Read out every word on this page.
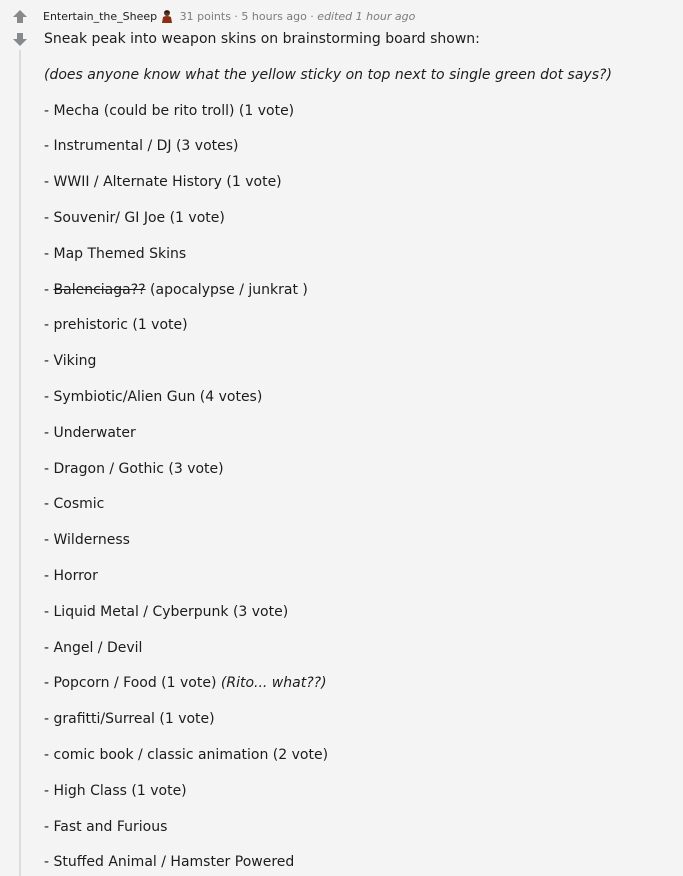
Entertain_the_Sheep 31 points · 5 hours ago · edited 1 hour ago
Sneak peak into weapon skins on brainstorming board shown:
(does anyone know what the yellow sticky on top next to single green dot says?)
- Mecha (could be rito troll) (1 vote)
- Instrumental / DJ (3 votes)
- WWII / Alternate History (1 vote)
- Souvenir/ GI Joe (1 vote)
- Map Themed Skins
- Balenciaga?? (apocalypse / junkrat )
- prehistoric (1 vote)
- Viking
- Symbiotic/Alien Gun (4 votes)
- Underwater
- Dragon / Gothic (3 vote)
- Cosmic
- Wilderness
- Horror
- Liquid Metal / Cyberpunk (3 vote)
- Angel / Devil
- Popcorn / Food (1 vote) (Rito... what??)
- grafitti/Surreal (1 vote)
- comic book / classic animation (2 vote)
- High Class (1 vote)
- Fast and Furious
- Stuffed Animal / Hamster Powered
